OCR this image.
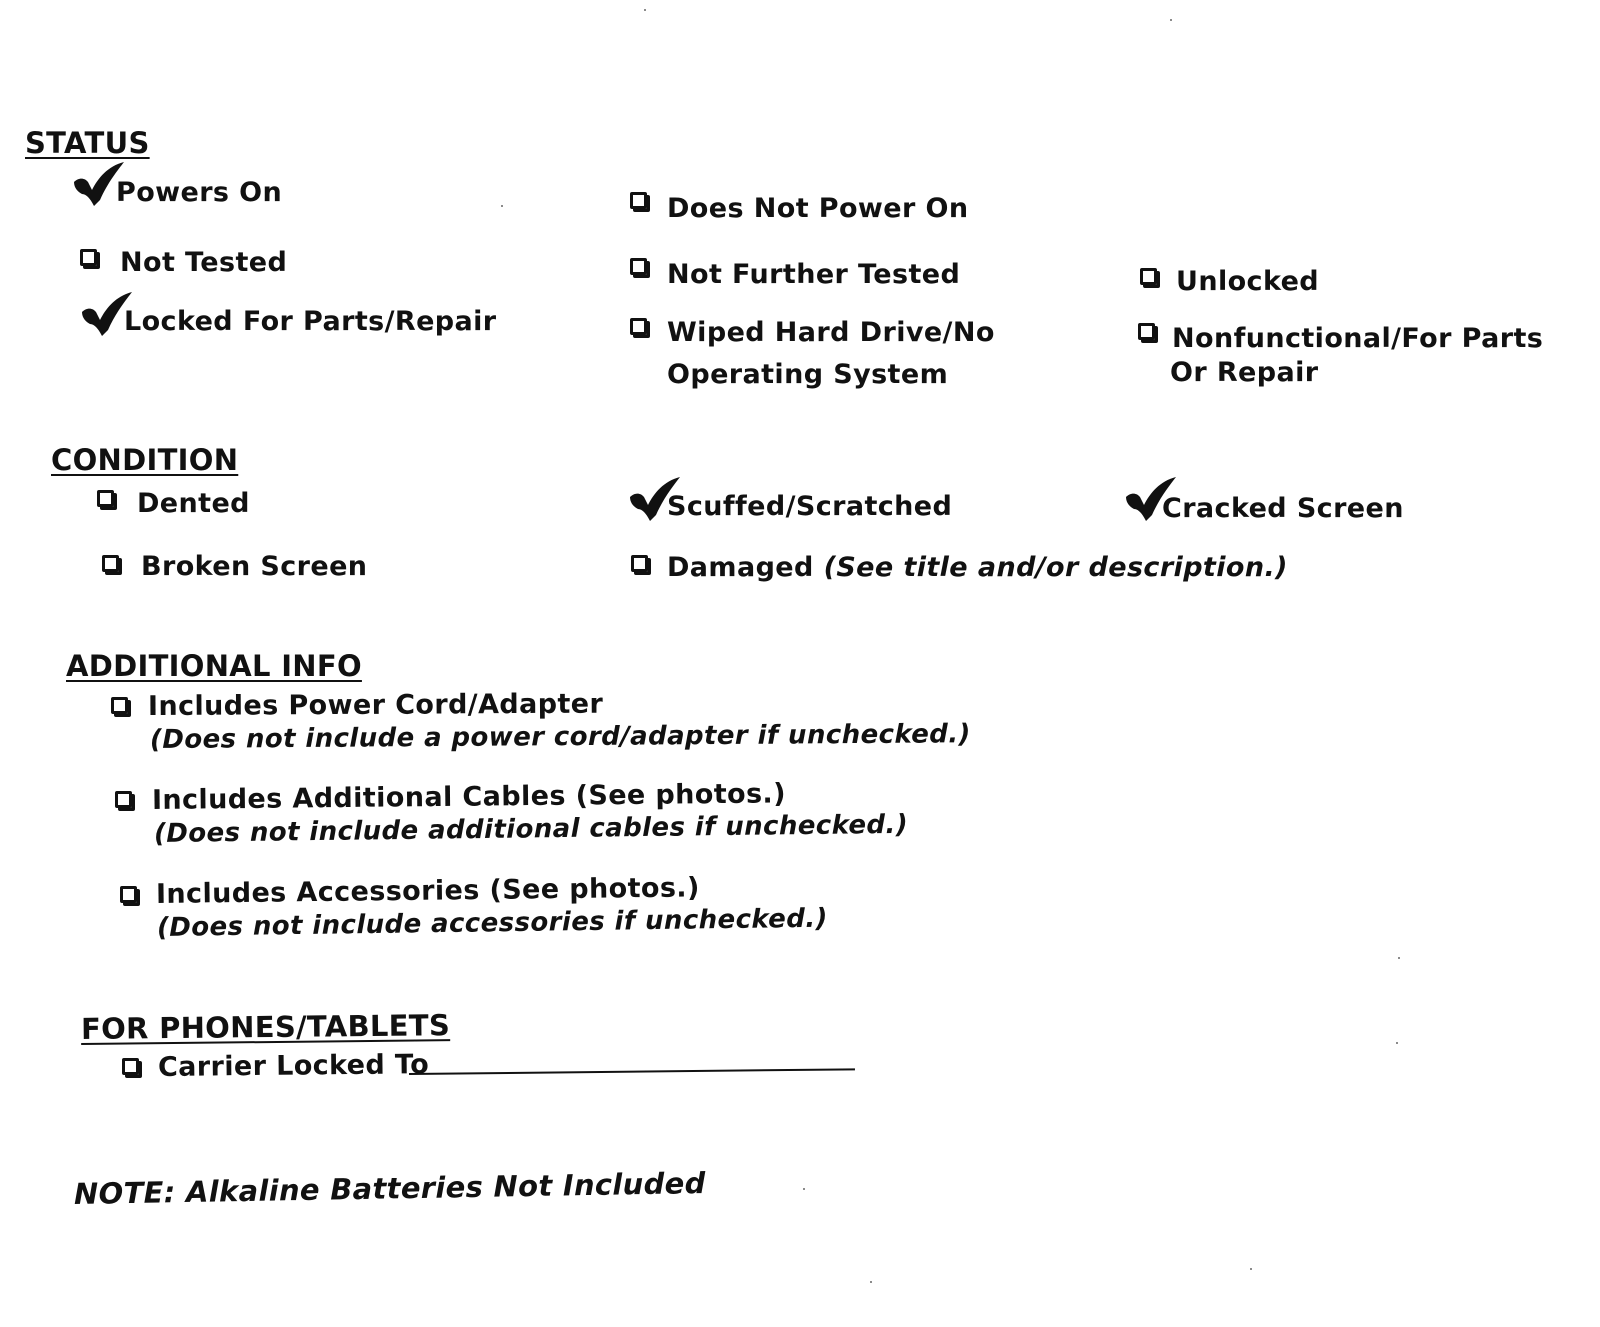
STATUS
Powers On
Does Not Power On
Not Tested	Not Further Tested	Unlocked
Locked For Parts/Repair	Wiped Hard Drive/No
Operating System
Nonfunctional/For Parts
Or Repair
CONDITION
Dented	Scuffed/Scratched	Cracked Screen
Broken Screen	Damaged (See title and/or description.)
ADDITIONAL INFO
Includes Power Cord/Adapter
(Does not include a power cord/adapter if unchecked.)
Includes Additional Cables (See photos.)
(Does not include additional cables if unchecked.)
Includes Accessories (See photos.)
(Does not include accessories if unchecked.)
FOR PHONES/TABLETS
Carrier Locked To
NOTE: Alkaline Batteries Not Included
